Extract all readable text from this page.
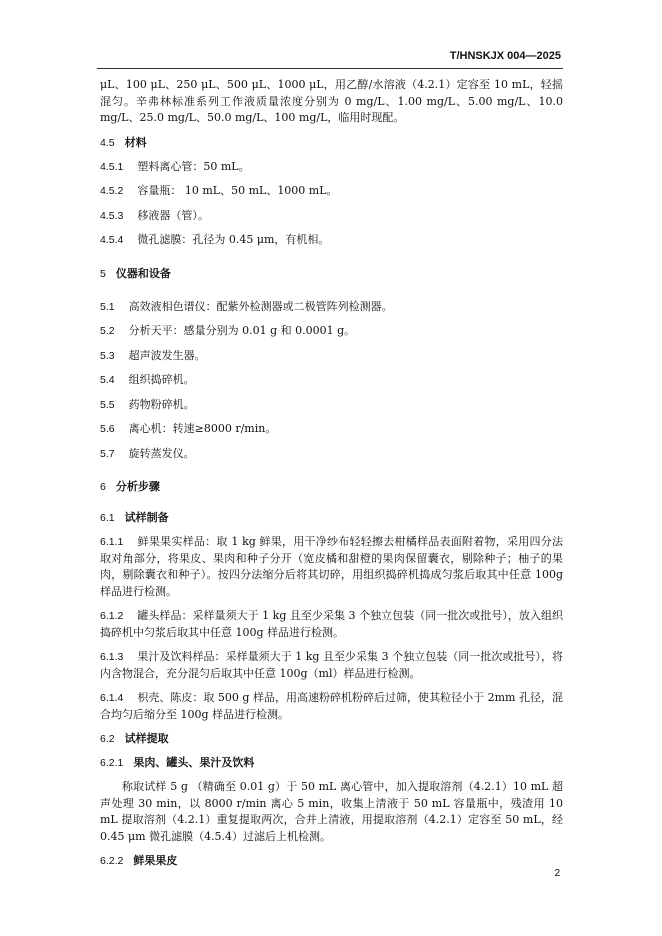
T/HNSKJX 004—2025

μL、100 μL、250 μL、500 μL、1000 μL，用乙醇/水溶液（4.2.1）定容至 10 mL，轻摇混匀。辛弗林标准系列工作液质量浓度分别为 0 mg/L、1.00 mg/L、5.00 mg/L、10.0 mg/L、25.0 mg/L、50.0 mg/L、100 mg/L，临用时现配。

4.5 材料

4.5.1 塑料离心管：50 mL。

4.5.2 容量瓶： 10 mL、50 mL、1000 mL。

4.5.3 移液器（管）。

4.5.4 微孔滤膜：孔径为 0.45 μm，有机相。

5 仪器和设备

5.1 高效液相色谱仪：配紫外检测器或二极管阵列检测器。

5.2 分析天平：感量分别为 0.01 g 和 0.0001 g。

5.3 超声波发生器。

5.4 组织捣碎机。

5.5 药物粉碎机。

5.6 离心机：转速≥8000 r/min。

5.7 旋转蒸发仪。

6 分析步骤

6.1 试样制备

6.1.1 鲜果果实样品：取 1 kg 鲜果，用干净纱布轻轻擦去柑橘样品表面附着物，采用四分法取对角部分，将果皮、果肉和种子分开（宽皮橘和甜橙的果肉保留囊衣，剔除种子；柚子的果肉，剔除囊衣和种子）。按四分法缩分后将其切碎，用组织捣碎机捣成匀浆后取其中任意 100g 样品进行检测。

6.1.2 罐头样品：采样量须大于 1 kg 且至少采集 3 个独立包装（同一批次或批号），放入组织捣碎机中匀浆后取其中任意 100g 样品进行检测。

6.1.3 果汁及饮料样品：采样量须大于 1 kg 且至少采集 3 个独立包装（同一批次或批号），将内含物混合，充分混匀后取其中任意 100g（ml）样品进行检测。

6.1.4 枳壳、陈皮：取 500 g 样品，用高速粉碎机粉碎后过筛，使其粒径小于 2mm 孔径，混合均匀后缩分至 100g 样品进行检测。

6.2 试样提取

6.2.1 果肉、罐头、果汁及饮料

称取试样 5 g （精确至 0.01 g）于 50 mL 离心管中，加入提取溶剂（4.2.1）10 mL 超声处理 30 min，以 8000 r/min 离心 5 min，收集上清液于 50 mL 容量瓶中，残渣用 10 mL 提取溶剂（4.2.1）重复提取两次，合并上清液，用提取溶剂（4.2.1）定容至 50 mL，经 0.45 μm 微孔滤膜（4.5.4）过滤后上机检测。

6.2.2 鲜果果皮

2
